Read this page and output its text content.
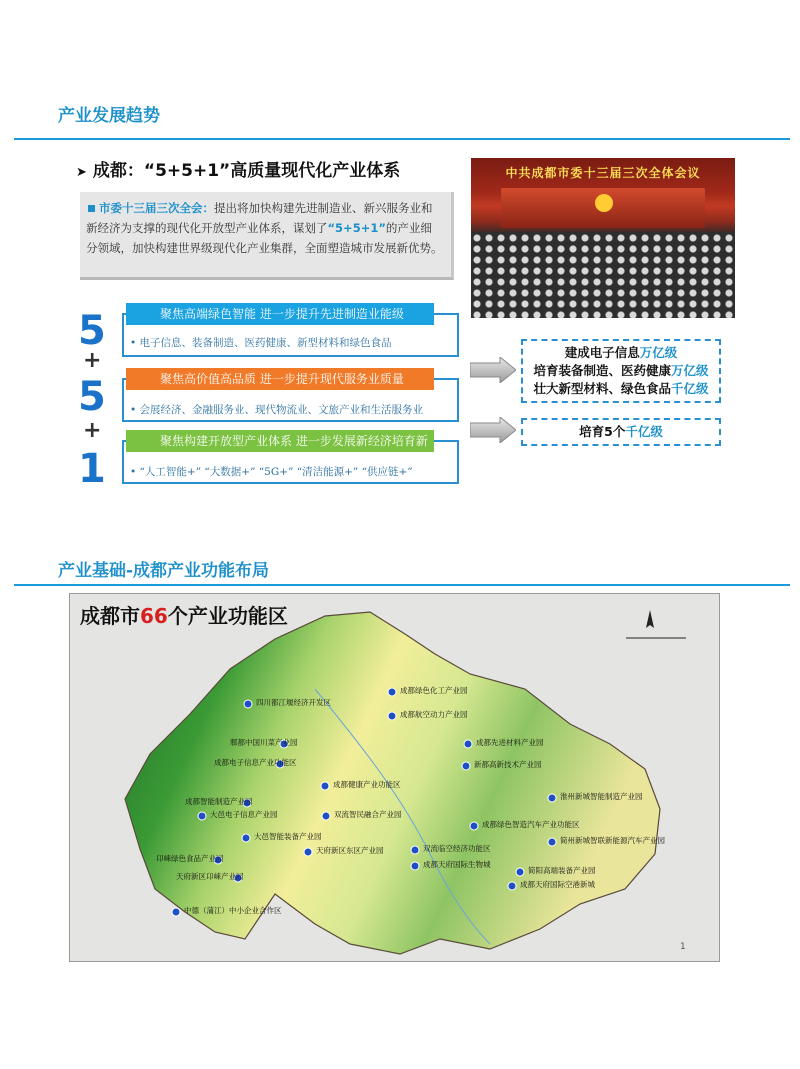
产业发展趋势
➤ 成都：“5+5+1”高质量现代化产业体系
市委十三届三次全会：提出将加快构建先进制造业、新兴服务业和新经济为支撑的现代化开放型产业体系，谋划了“5+5+1”的产业细分领域，加快构建世界级现代化产业集群，全面塑造城市发展新优势。
中共成都市委十三届三次全体会议
5
+
5
+
1
聚焦高端绿色智能 进一步提升先进制造业能级
• 电子信息、装备制造、医药健康、新型材料和绿色食品
聚焦高价值高品质 进一步提升现代服务业质量
• 会展经济、金融服务业、现代物流业、文旅产业和生活服务业
聚焦构建开放型产业体系 进一步发展新经济培育新动能
• “人工智能+” “大数据+” “5G+” “清洁能源+” “供应链+”
建成电子信息万亿级
培育装备制造、医药健康万亿级
壮大新型材料、绿色食品千亿级
培育5个千亿级
产业基础-成都产业功能布局
成都市66个产业功能区
成都绿色化工产业园
四川都江堰经济开发区
成都航空动力产业园
郫都中国川菜产业园	成都先进材料产业园
成都电子信息产业功能区	新都高新技术产业园
成都健康产业功能区
成都智能制造产业园
淮州新城智能制造产业园
大邑电子信息产业园	双流智民融合产业园
成都绿色智造汽车产业功能区
大邑智能装备产业园	简州新城智联新能源汽车产业园
天府新区东区产业园	双流临空经济功能区
卬崃绿色食品产业园
成都天府国际生物城
简阳高端装备产业园
天府新区卬崃产业园
成都天府国际空港新城
中德（蒲江）中小企业合作区
1
